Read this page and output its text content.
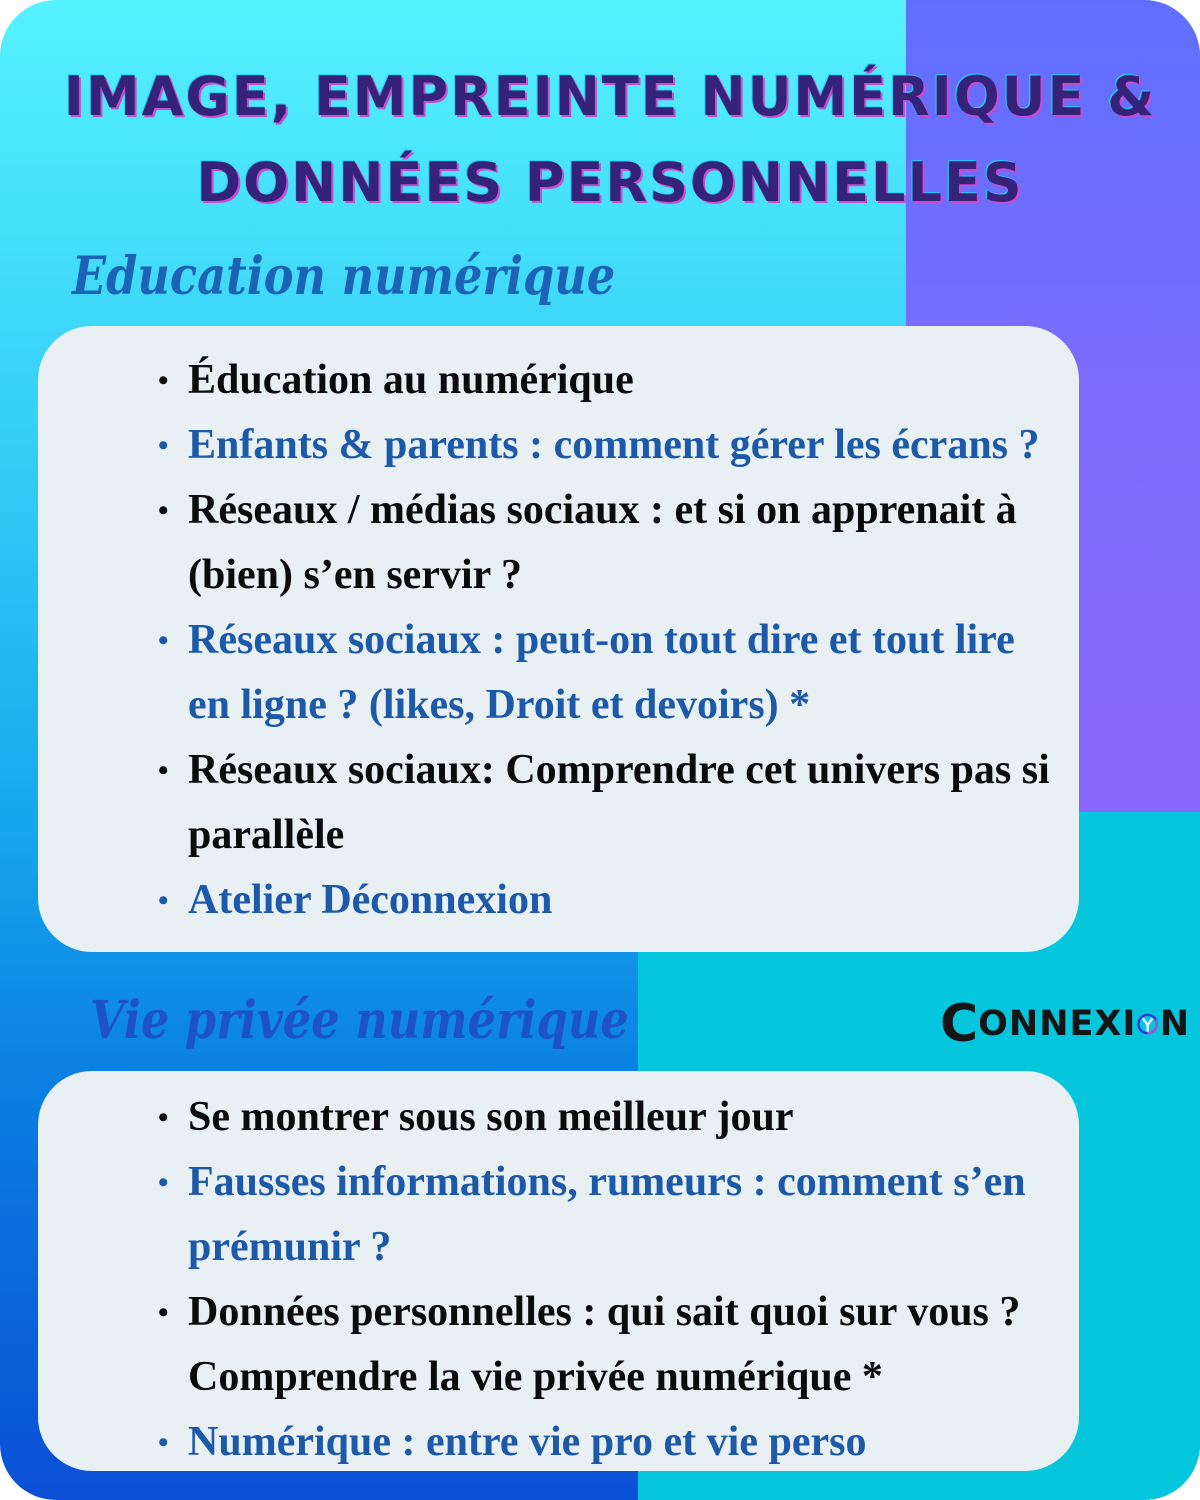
IMAGE, EMPREINTE NUMÉRIQUE &
DONNÉES PERSONNELLES
Education numérique
• Éducation au numérique
• Enfants & parents : comment gérer les écrans ?
• Réseaux / médias sociaux : et si on apprenait à (bien) s’en servir ?
• Réseaux sociaux : peut-on tout dire et tout lire en ligne ? (likes, Droit et devoirs) *
• Réseaux sociaux: Comprendre cet univers pas si parallèle
• Atelier Déconnexion
Vie privée numérique	C ONNEXI N
• Se montrer sous son meilleur jour
• Fausses informations, rumeurs : comment s’en prémunir ?
• Données personnelles : qui sait quoi sur vous ? Comprendre la vie privée numérique *
• Numérique : entre vie pro et vie perso
